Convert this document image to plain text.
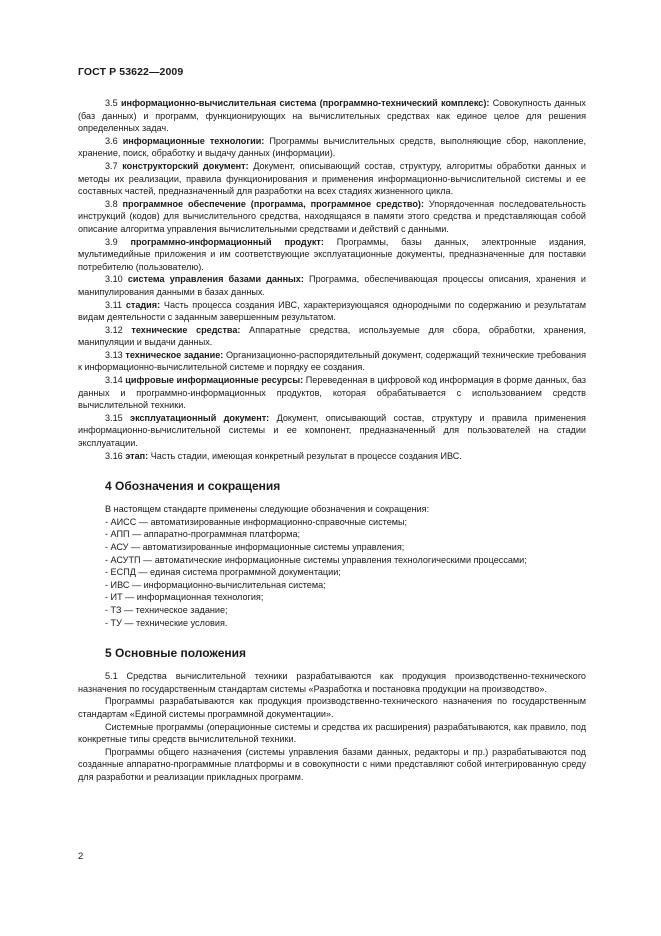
ГОСТ Р 53622—2009

3.5 информационно-вычислительная система (программно-технический комплекс): Совокупность данных (баз данных) и программ, функционирующих на вычислительных средствах как единое целое для решения определенных задач.

3.6 информационные технологии: Программы вычислительных средств, выполняющие сбор, накопление, хранение, поиск, обработку и выдачу данных (информации).

3.7 конструкторский документ: Документ, описывающий состав, структуру, алгоритмы обработки данных и методы их реализации, правила функционирования и применения информационно-вычислительной системы и ее составных частей, предназначенный для разработки на всех стадиях жизненного цикла.

3.8 программное обеспечение (программа, программное средство): Упорядоченная последовательность инструкций (кодов) для вычислительного средства, находящаяся в памяти этого средства и представляющая собой описание алгоритма управления вычислительными средствами и действий с данными.

3.9 программно-информационный продукт: Программы, базы данных, электронные издания, мультимедийные приложения и им соответствующие эксплуатационные документы, предназначенные для поставки потребителю (пользователю).

3.10 система управления базами данных: Программа, обеспечивающая процессы описания, хранения и манипулирования данными в базах данных.

3.11 стадия: Часть процесса создания ИВС, характеризующаяся однородными по содержанию и результатам видам деятельности с заданным завершенным результатом.

3.12 технические средства: Аппаратные средства, используемые для сбора, обработки, хранения, манипуляции и выдачи данных.

3.13 техническое задание: Организационно-распорядительный документ, содержащий технические требования к информационно-вычислительной системе и порядку ее создания.

3.14 цифровые информационные ресурсы: Переведенная в цифровой код информация в форме данных, баз данных и программно-информационных продуктов, которая обрабатывается с использованием средств вычислительной техники.

3.15 эксплуатационный документ: Документ, описывающий состав, структуру и правила применения информационно-вычислительной системы и ее компонент, предназначенный для пользователей на стадии эксплуатации.

3.16 этап: Часть стадии, имеющая конкретный результат в процессе создания ИВС.

4 Обозначения и сокращения

В настоящем стандарте применены следующие обозначения и сокращения:

- АИСС — автоматизированные информационно-справочные системы;
- АПП — аппаратно-программная платформа;
- АСУ — автоматизированные информационные системы управления;
- АСУТП — автоматические информационные системы управления технологическими процессами;
- ЕСПД — единая система программной документации;
- ИВС — информационно-вычислительная система;
- ИТ — информационная технология;
- ТЗ — техническое задание;
- ТУ — технические условия.
5 Основные положения

5.1 Средства вычислительной техники разрабатываются как продукция производственно-технического назначения по государственным стандартам системы «Разработка и постановка продукции на производство».

Программы разрабатываются как продукция производственно-технического назначения по государственным стандартам «Единой системы программной документации».

Системные программы (операционные системы и средства их расширения) разрабатываются, как правило, под конкретные типы средств вычислительной техники.

Программы общего назначения (системы управления базами данных, редакторы и пр.) разрабатываются под созданные аппаратно-программные платформы и в совокупности с ними представляют собой интегрированную среду для разработки и реализации прикладных программ.

2
